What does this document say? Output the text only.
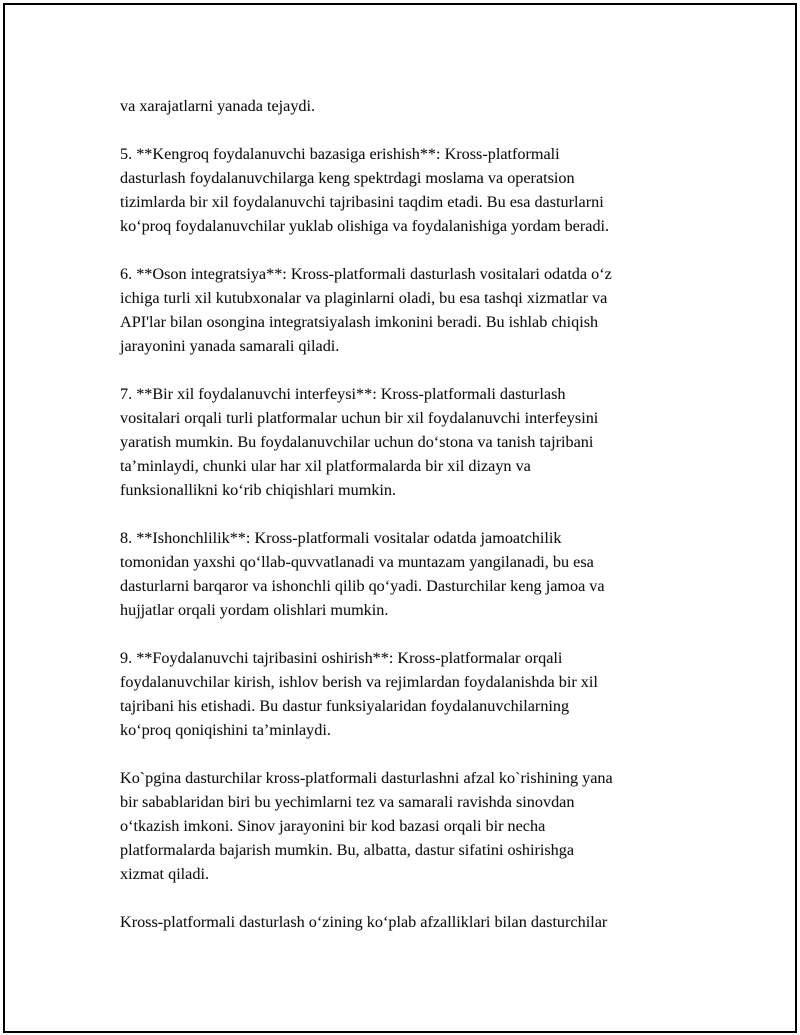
va xarajatlarni yanada tejaydi.

5. **Kengroq foydalanuvchi bazasiga erishish**: Kross-platformali
dasturlash foydalanuvchilarga keng spektrdagi moslama va operatsion
tizimlarda bir xil foydalanuvchi tajribasini taqdim etadi. Bu esa dasturlarni
ko‘proq foydalanuvchilar yuklab olishiga va foydalanishiga yordam beradi.

6. **Oson integratsiya**: Kross-platformali dasturlash vositalari odatda o‘z
ichiga turli xil kutubxonalar va plaginlarni oladi, bu esa tashqi xizmatlar va
API'lar bilan osongina integratsiyalash imkonini beradi. Bu ishlab chiqish
jarayonini yanada samarali qiladi.

7. **Bir xil foydalanuvchi interfeysi**: Kross-platformali dasturlash
vositalari orqali turli platformalar uchun bir xil foydalanuvchi interfeysini
yaratish mumkin. Bu foydalanuvchilar uchun do‘stona va tanish tajribani
ta’minlaydi, chunki ular har xil platformalarda bir xil dizayn va
funksionallikni ko‘rib chiqishlari mumkin.

8. **Ishonchlilik**: Kross-platformali vositalar odatda jamoatchilik
tomonidan yaxshi qo‘llab-quvvatlanadi va muntazam yangilanadi, bu esa
dasturlarni barqaror va ishonchli qilib qo‘yadi. Dasturchilar keng jamoa va
hujjatlar orqali yordam olishlari mumkin.

9. **Foydalanuvchi tajribasini oshirish**: Kross-platformalar orqali
foydalanuvchilar kirish, ishlov berish va rejimlardan foydalanishda bir xil
tajribani his etishadi. Bu dastur funksiyalaridan foydalanuvchilarning
ko‘proq qoniqishini ta’minlaydi.

Ko`pgina dasturchilar kross-platformali dasturlashni afzal ko`rishining yana
bir sabablaridan biri bu yechimlarni tez va samarali ravishda sinovdan
o‘tkazish imkoni. Sinov jarayonini bir kod bazasi orqali bir necha
platformalarda bajarish mumkin. Bu, albatta, dastur sifatini oshirishga
xizmat qiladi.

Kross-platformali dasturlash o‘zining ko‘plab afzalliklari bilan dasturchilar
